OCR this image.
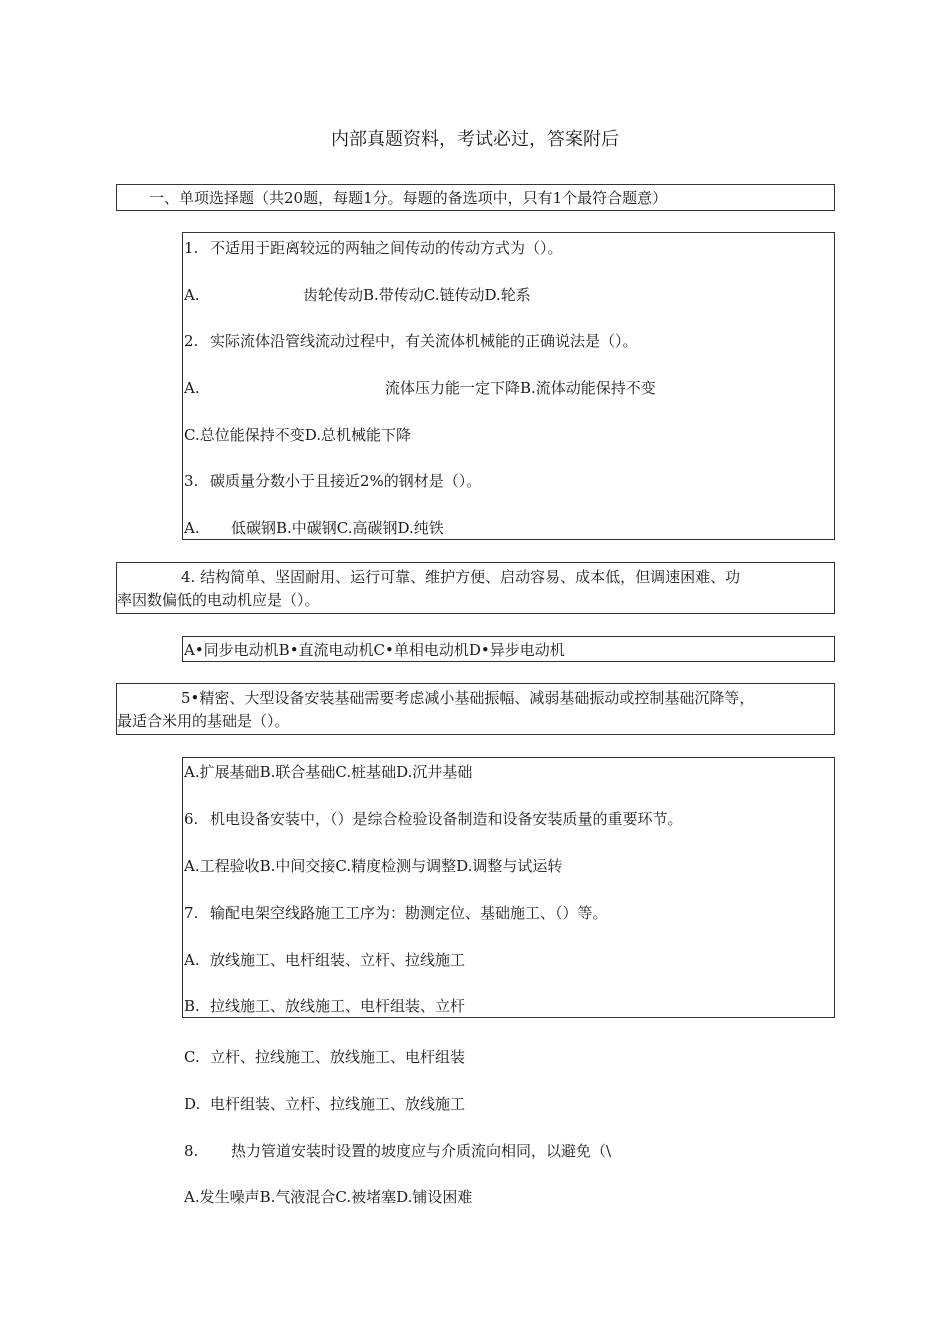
内部真题资料，考试必过，答案附后
一、单项选择题（共20题，每题1分。每题的备选项中，只有1个最符合题意）
1. 不适用于距离较远的两轴之间传动的传动方式为（）。
A.	齿轮传动B.带传动C.链传动D.轮系
2. 实际流体沿管线流动过程中，有关流体机械能的正确说法是（）。
A.	流体压力能一定下降B.流体动能保持不变
C.总位能保持不变D.总机械能下降
3. 碳质量分数小于且接近2%的钢材是（）。
A. 低碳钢B.中碳钢C.高碳钢D.纯铁
4. 结构简单、坚固耐用、运行可靠、维护方便、启动容易、成本低，但调速困难、功
率因数偏低的电动机应是（）。
A•同步电动机B•直流电动机C•单相电动机D•异步电动机
5•精密、大型设备安装基础需要考虑减小基础振幅、减弱基础振动或控制基础沉降等，
最适合米用的基础是（）。
A.扩展基础B.联合基础C.桩基础D.沉井基础
6. 机电设备安装中，（）是综合检验设备制造和设备安装质量的重要环节。
A.工程验收B.中间交接C.精度检测与调整D.调整与试运转
7. 输配电架空线路施工工序为：勘测定位、基础施工、（）等。
A. 放线施工、电杆组装、立杆、拉线施工
B. 拉线施工、放线施工、电杆组装、立杆
C. 立杆、拉线施工、放线施工、电杆组装
D. 电杆组装、立杆、拉线施工、放线施工
8. 热力管道安装时设置的坡度应与介质流向相同，以避免（\
A.发生噪声B.气液混合C.被堵塞D.铺设困难
